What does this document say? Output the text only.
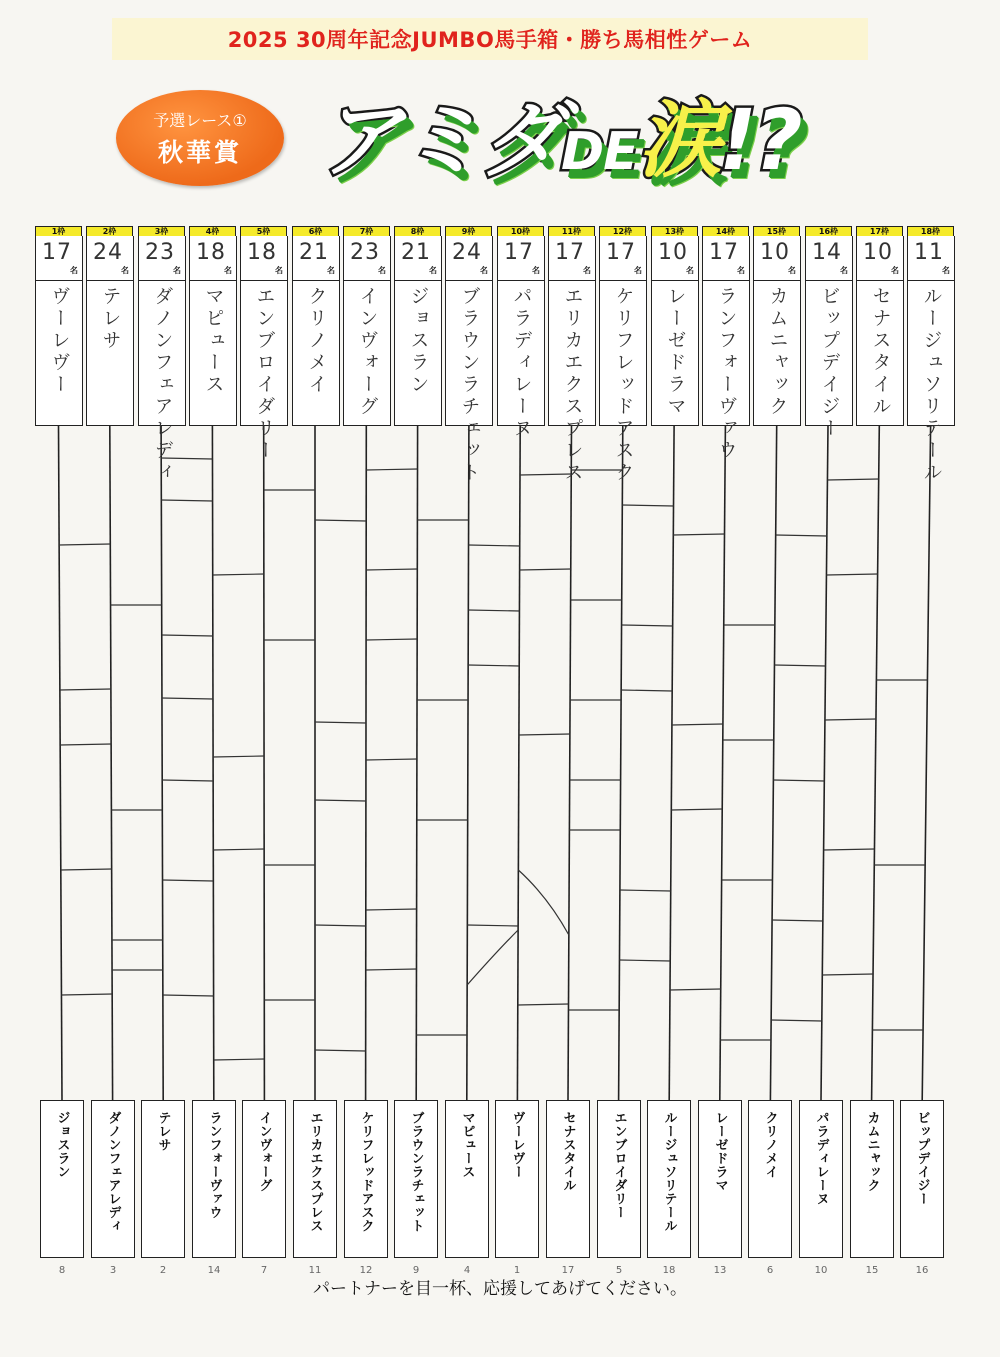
2025 30周年記念JUMBO馬手箱・勝ち馬相性ゲーム
予選レース①
秋華賞 アミダDE涙!?
1枠
17
名
ヴーレヴー
2枠
24
名
テレサ
3枠
23
名
ダノンフェアレディ
4枠
18
名
マピュース
5枠
18
名
エンブロイダリー
6枠
21
名
クリノメイ
7枠
23
名
インヴォーグ
8枠
21
名
ジョスラン
9枠
24
名
ブラウンラチェット
10枠
17
名
パラディレーヌ
11枠
17
名
エリカエクスプレス
12枠
17
名
ケリフレッドアスク
13枠
10
名
レーゼドラマ
14枠
17
名
ランフォーヴァウ
15枠
10
名
カムニャック
16枠
14
名
ビップデイジー
17枠
10
名
セナスタイル
18枠
11
名
ルージュソリテール
ジョスラン
8
ダノンフェアレディ
3
テレサ
2
ランフォーヴァウ
14
インヴォーグ
7
エリカエクスプレス
11
ケリフレッドアスク
12
ブラウンラチェット
9
マピュース
4
ヴーレヴー
1
セナスタイル
17
エンブロイダリー
5
ルージュソリテール
18
レーゼドラマ
13
クリノメイ
6
パラディレーヌ
10
カムニャック
15
ビップデイジー
16
パートナーを目一杯、応援してあげてください。
